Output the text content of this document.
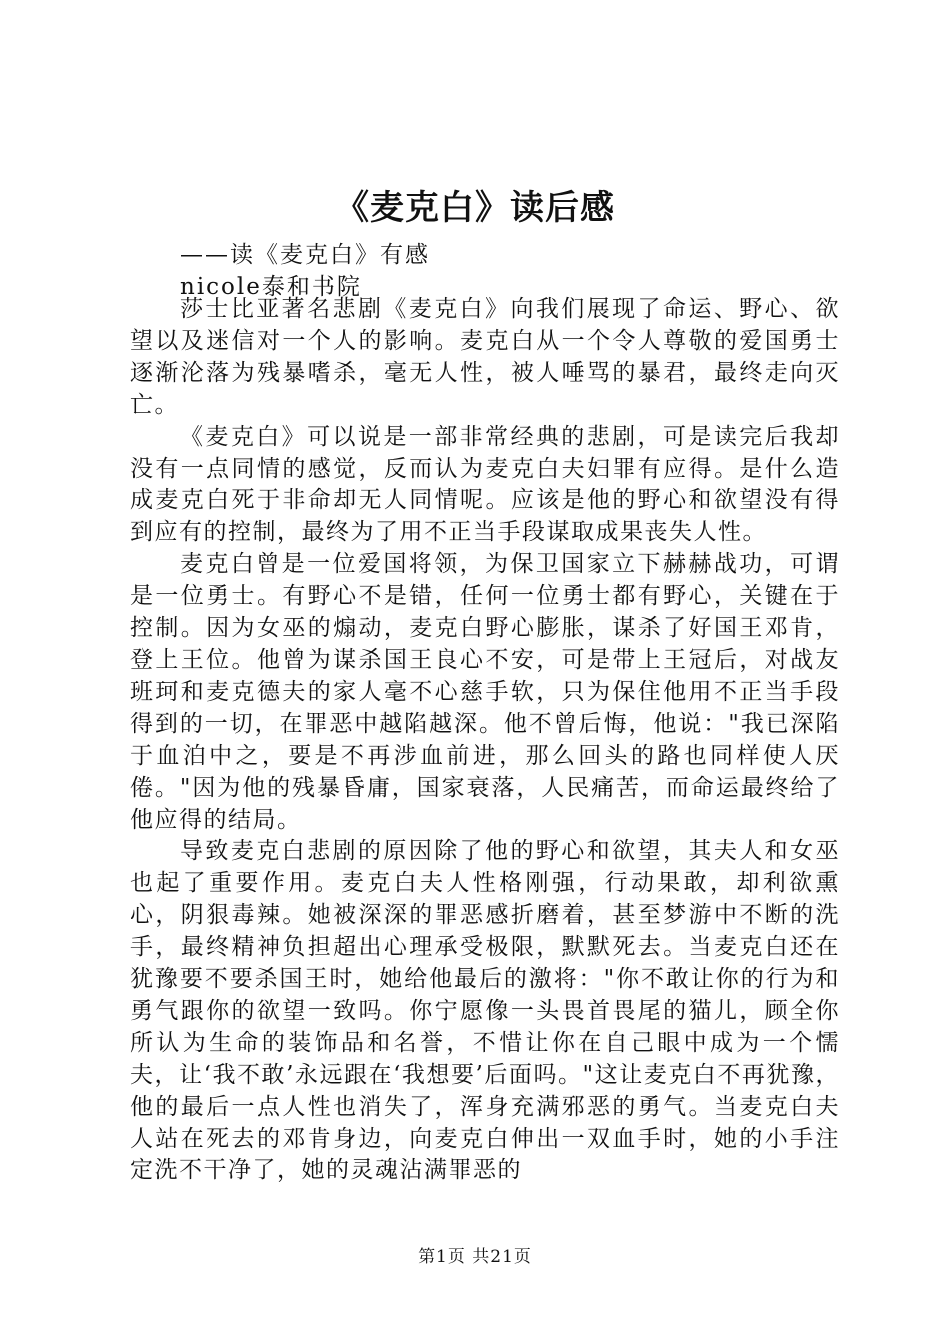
《麦克白》读后感
——读《麦克白》有感
nicole泰和书院

莎士比亚著名悲剧《麦克白》向我们展现了命运、野心、欲望以及迷信对一个人的影响。麦克白从一个令人尊敬的爱国勇士逐渐沦落为残暴嗜杀，毫无人性，被人唾骂的暴君，最终走向灭亡。

《麦克白》可以说是一部非常经典的悲剧，可是读完后我却没有一点同情的感觉，反而认为麦克白夫妇罪有应得。是什么造成麦克白死于非命却无人同情呢。应该是他的野心和欲望没有得到应有的控制，最终为了用不正当手段谋取成果丧失人性。

麦克白曾是一位爱国将领，为保卫国家立下赫赫战功，可谓是一位勇士。有野心不是错，任何一位勇士都有野心，关键在于控制。因为女巫的煽动，麦克白野心膨胀，谋杀了好国王邓肯，登上王位。他曾为谋杀国王良心不安，可是带上王冠后，对战友班珂和麦克德夫的家人毫不心慈手软，只为保住他用不正当手段得到的一切，在罪恶中越陷越深。他不曾后悔，他说："我已深陷于血泊中之，要是不再涉血前进，那么回头的路也同样使人厌倦。"因为他的残暴昏庸，国家衰落，人民痛苦，而命运最终给了他应得的结局。

导致麦克白悲剧的原因除了他的野心和欲望，其夫人和女巫也起了重要作用。麦克白夫人性格刚强，行动果敢，却利欲熏心，阴狠毒辣。她被深深的罪恶感折磨着，甚至梦游中不断的洗手，最终精神负担超出心理承受极限，默默死去。当麦克白还在犹豫要不要杀国王时，她给他最后的激将："你不敢让你的行为和勇气跟你的欲望一致吗。你宁愿像一头畏首畏尾的猫儿，顾全你所认为生命的装饰品和名誉，不惜让你在自己眼中成为一个懦夫，让‘我不敢’永远跟在‘我想要’后面吗。"这让麦克白不再犹豫，他的最后一点人性也消失了，浑身充满邪恶的勇气。当麦克白夫人站在死去的邓肯身边，向麦克白伸出一双血手时，她的小手注定洗不干净了，她的灵魂沾满罪恶的

第1页 共21页
